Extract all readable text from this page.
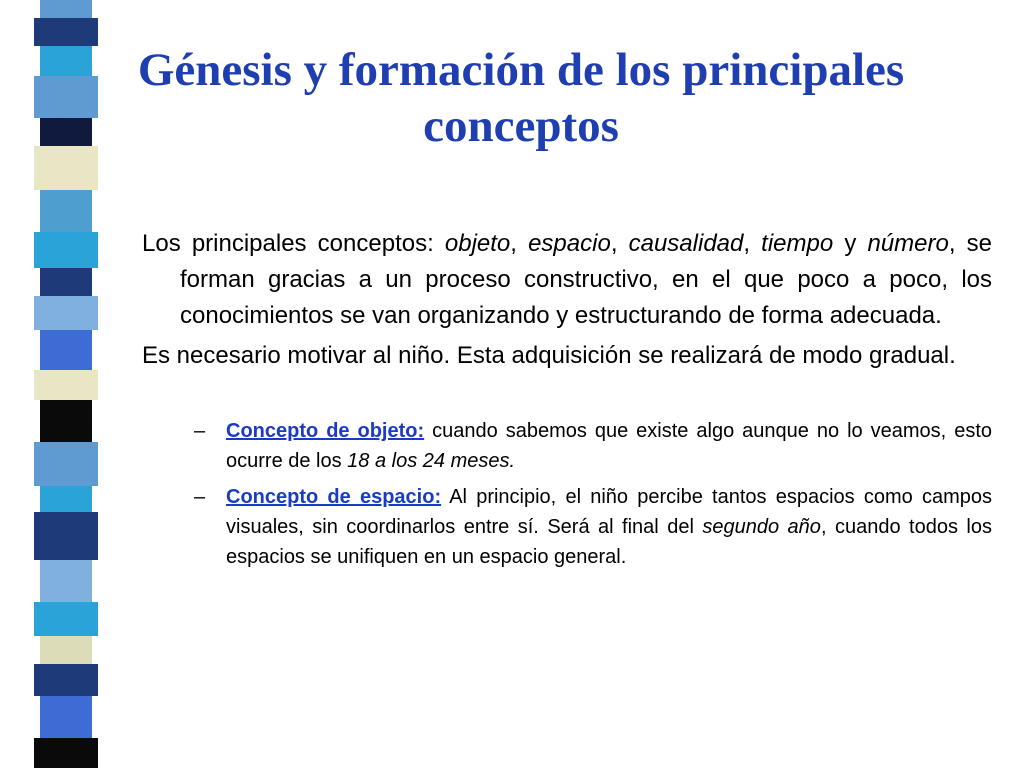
Génesis y formación de los principales
conceptos

Los principales conceptos: objeto, espacio, causalidad, tiempo y número, se forman gracias a un proceso constructivo, en el que poco a poco, los conocimientos se van organizando y estructurando de forma adecuada.

Es necesario motivar al niño. Esta adquisición se realizará de modo gradual.

– Concepto de objeto: cuando sabemos que existe algo aunque no lo veamos, esto ocurre de los 18 a los 24 meses.

– Concepto de espacio: Al principio, el niño percibe tantos espacios como campos visuales, sin coordinarlos entre sí. Será al final del segundo año, cuando todos los espacios se unifiquen en un espacio general.
